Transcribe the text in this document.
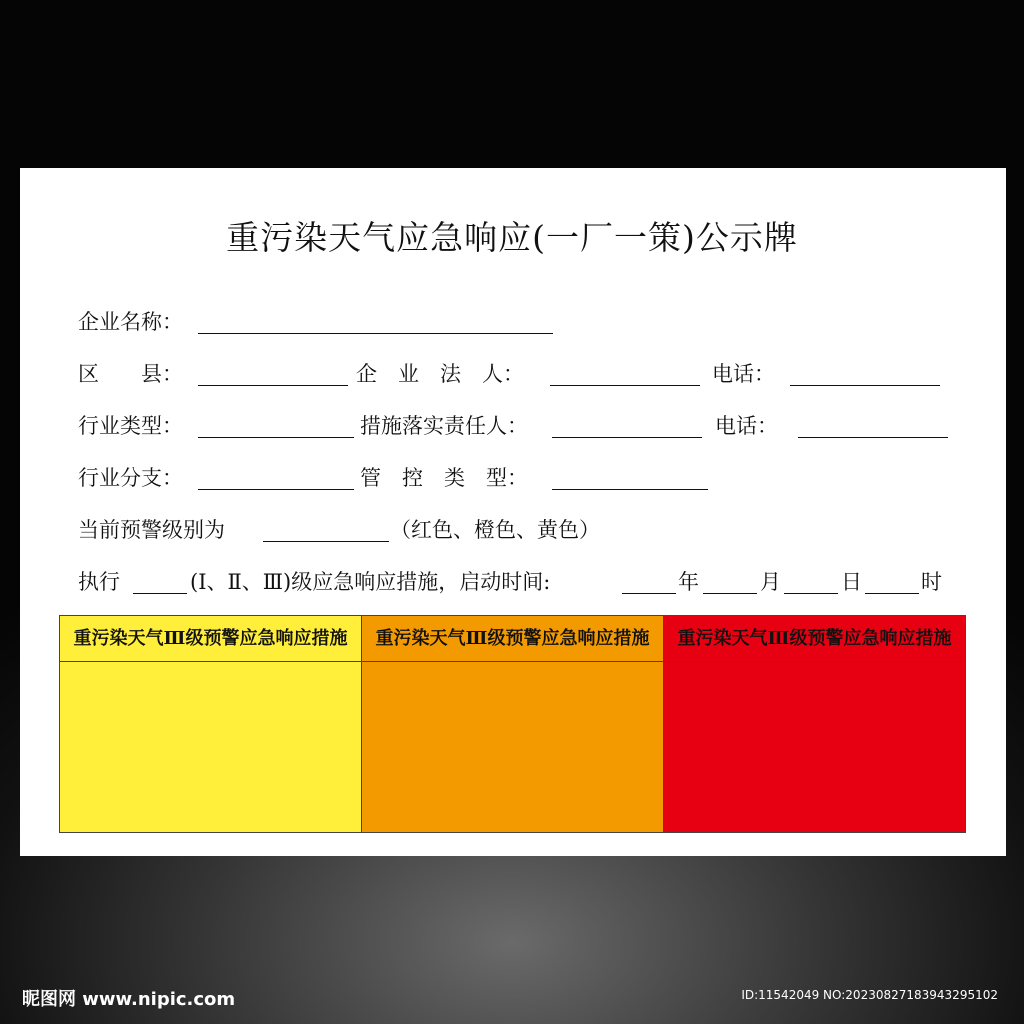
重污染天气应急响应(一厂一策)公示牌
企业名称：
区　　县：	企　业　法　人：	电话：
行业类型：	措施落实责任人：	电话：
行业分支：	管　控　类　型：
当前预警级别为	（红色、橙色、黄色）
执行	(Ⅰ、Ⅱ、Ⅲ)级应急响应措施，启动时间:	年	月	日	时
重污染天气Ⅲ级预警应急响应措施	重污染天气Ⅲ级预警应急响应措施	重污染天气Ⅲ级预警应急响应措施
昵图网 www.nipic.com	ID:11542049 NO:20230827183943295102
